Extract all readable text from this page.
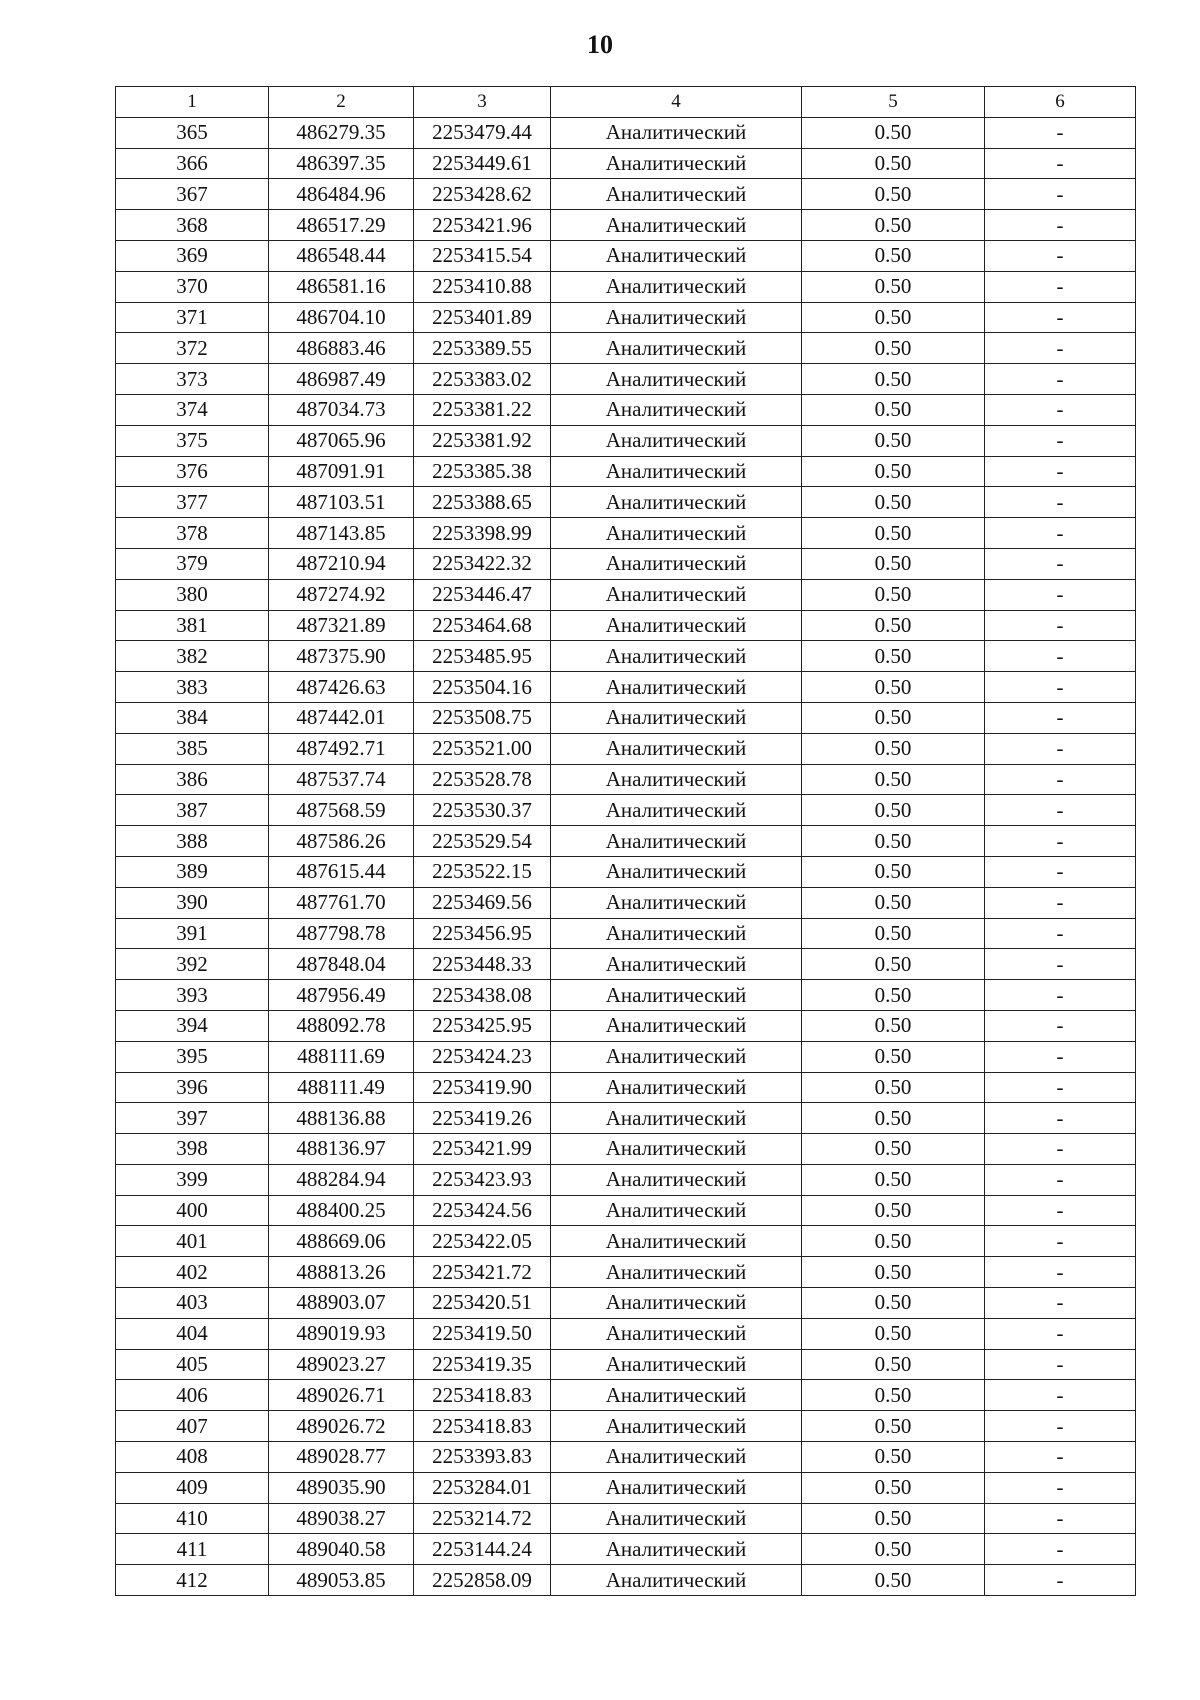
10
1	2	3	4	5	6
365	486279.35	2253479.44	Аналитический	0.50	-
366	486397.35	2253449.61	Аналитический	0.50	-
367	486484.96	2253428.62	Аналитический	0.50	-
368	486517.29	2253421.96	Аналитический	0.50	-
369	486548.44	2253415.54	Аналитический	0.50	-
370	486581.16	2253410.88	Аналитический	0.50	-
371	486704.10	2253401.89	Аналитический	0.50	-
372	486883.46	2253389.55	Аналитический	0.50	-
373	486987.49	2253383.02	Аналитический	0.50	-
374	487034.73	2253381.22	Аналитический	0.50	-
375	487065.96	2253381.92	Аналитический	0.50	-
376	487091.91	2253385.38	Аналитический	0.50	-
377	487103.51	2253388.65	Аналитический	0.50	-
378	487143.85	2253398.99	Аналитический	0.50	-
379	487210.94	2253422.32	Аналитический	0.50	-
380	487274.92	2253446.47	Аналитический	0.50	-
381	487321.89	2253464.68	Аналитический	0.50	-
382	487375.90	2253485.95	Аналитический	0.50	-
383	487426.63	2253504.16	Аналитический	0.50	-
384	487442.01	2253508.75	Аналитический	0.50	-
385	487492.71	2253521.00	Аналитический	0.50	-
386	487537.74	2253528.78	Аналитический	0.50	-
387	487568.59	2253530.37	Аналитический	0.50	-
388	487586.26	2253529.54	Аналитический	0.50	-
389	487615.44	2253522.15	Аналитический	0.50	-
390	487761.70	2253469.56	Аналитический	0.50	-
391	487798.78	2253456.95	Аналитический	0.50	-
392	487848.04	2253448.33	Аналитический	0.50	-
393	487956.49	2253438.08	Аналитический	0.50	-
394	488092.78	2253425.95	Аналитический	0.50	-
395	488111.69	2253424.23	Аналитический	0.50	-
396	488111.49	2253419.90	Аналитический	0.50	-
397	488136.88	2253419.26	Аналитический	0.50	-
398	488136.97	2253421.99	Аналитический	0.50	-
399	488284.94	2253423.93	Аналитический	0.50	-
400	488400.25	2253424.56	Аналитический	0.50	-
401	488669.06	2253422.05	Аналитический	0.50	-
402	488813.26	2253421.72	Аналитический	0.50	-
403	488903.07	2253420.51	Аналитический	0.50	-
404	489019.93	2253419.50	Аналитический	0.50	-
405	489023.27	2253419.35	Аналитический	0.50	-
406	489026.71	2253418.83	Аналитический	0.50	-
407	489026.72	2253418.83	Аналитический	0.50	-
408	489028.77	2253393.83	Аналитический	0.50	-
409	489035.90	2253284.01	Аналитический	0.50	-
410	489038.27	2253214.72	Аналитический	0.50	-
411	489040.58	2253144.24	Аналитический	0.50	-
412	489053.85	2252858.09	Аналитический	0.50	-
